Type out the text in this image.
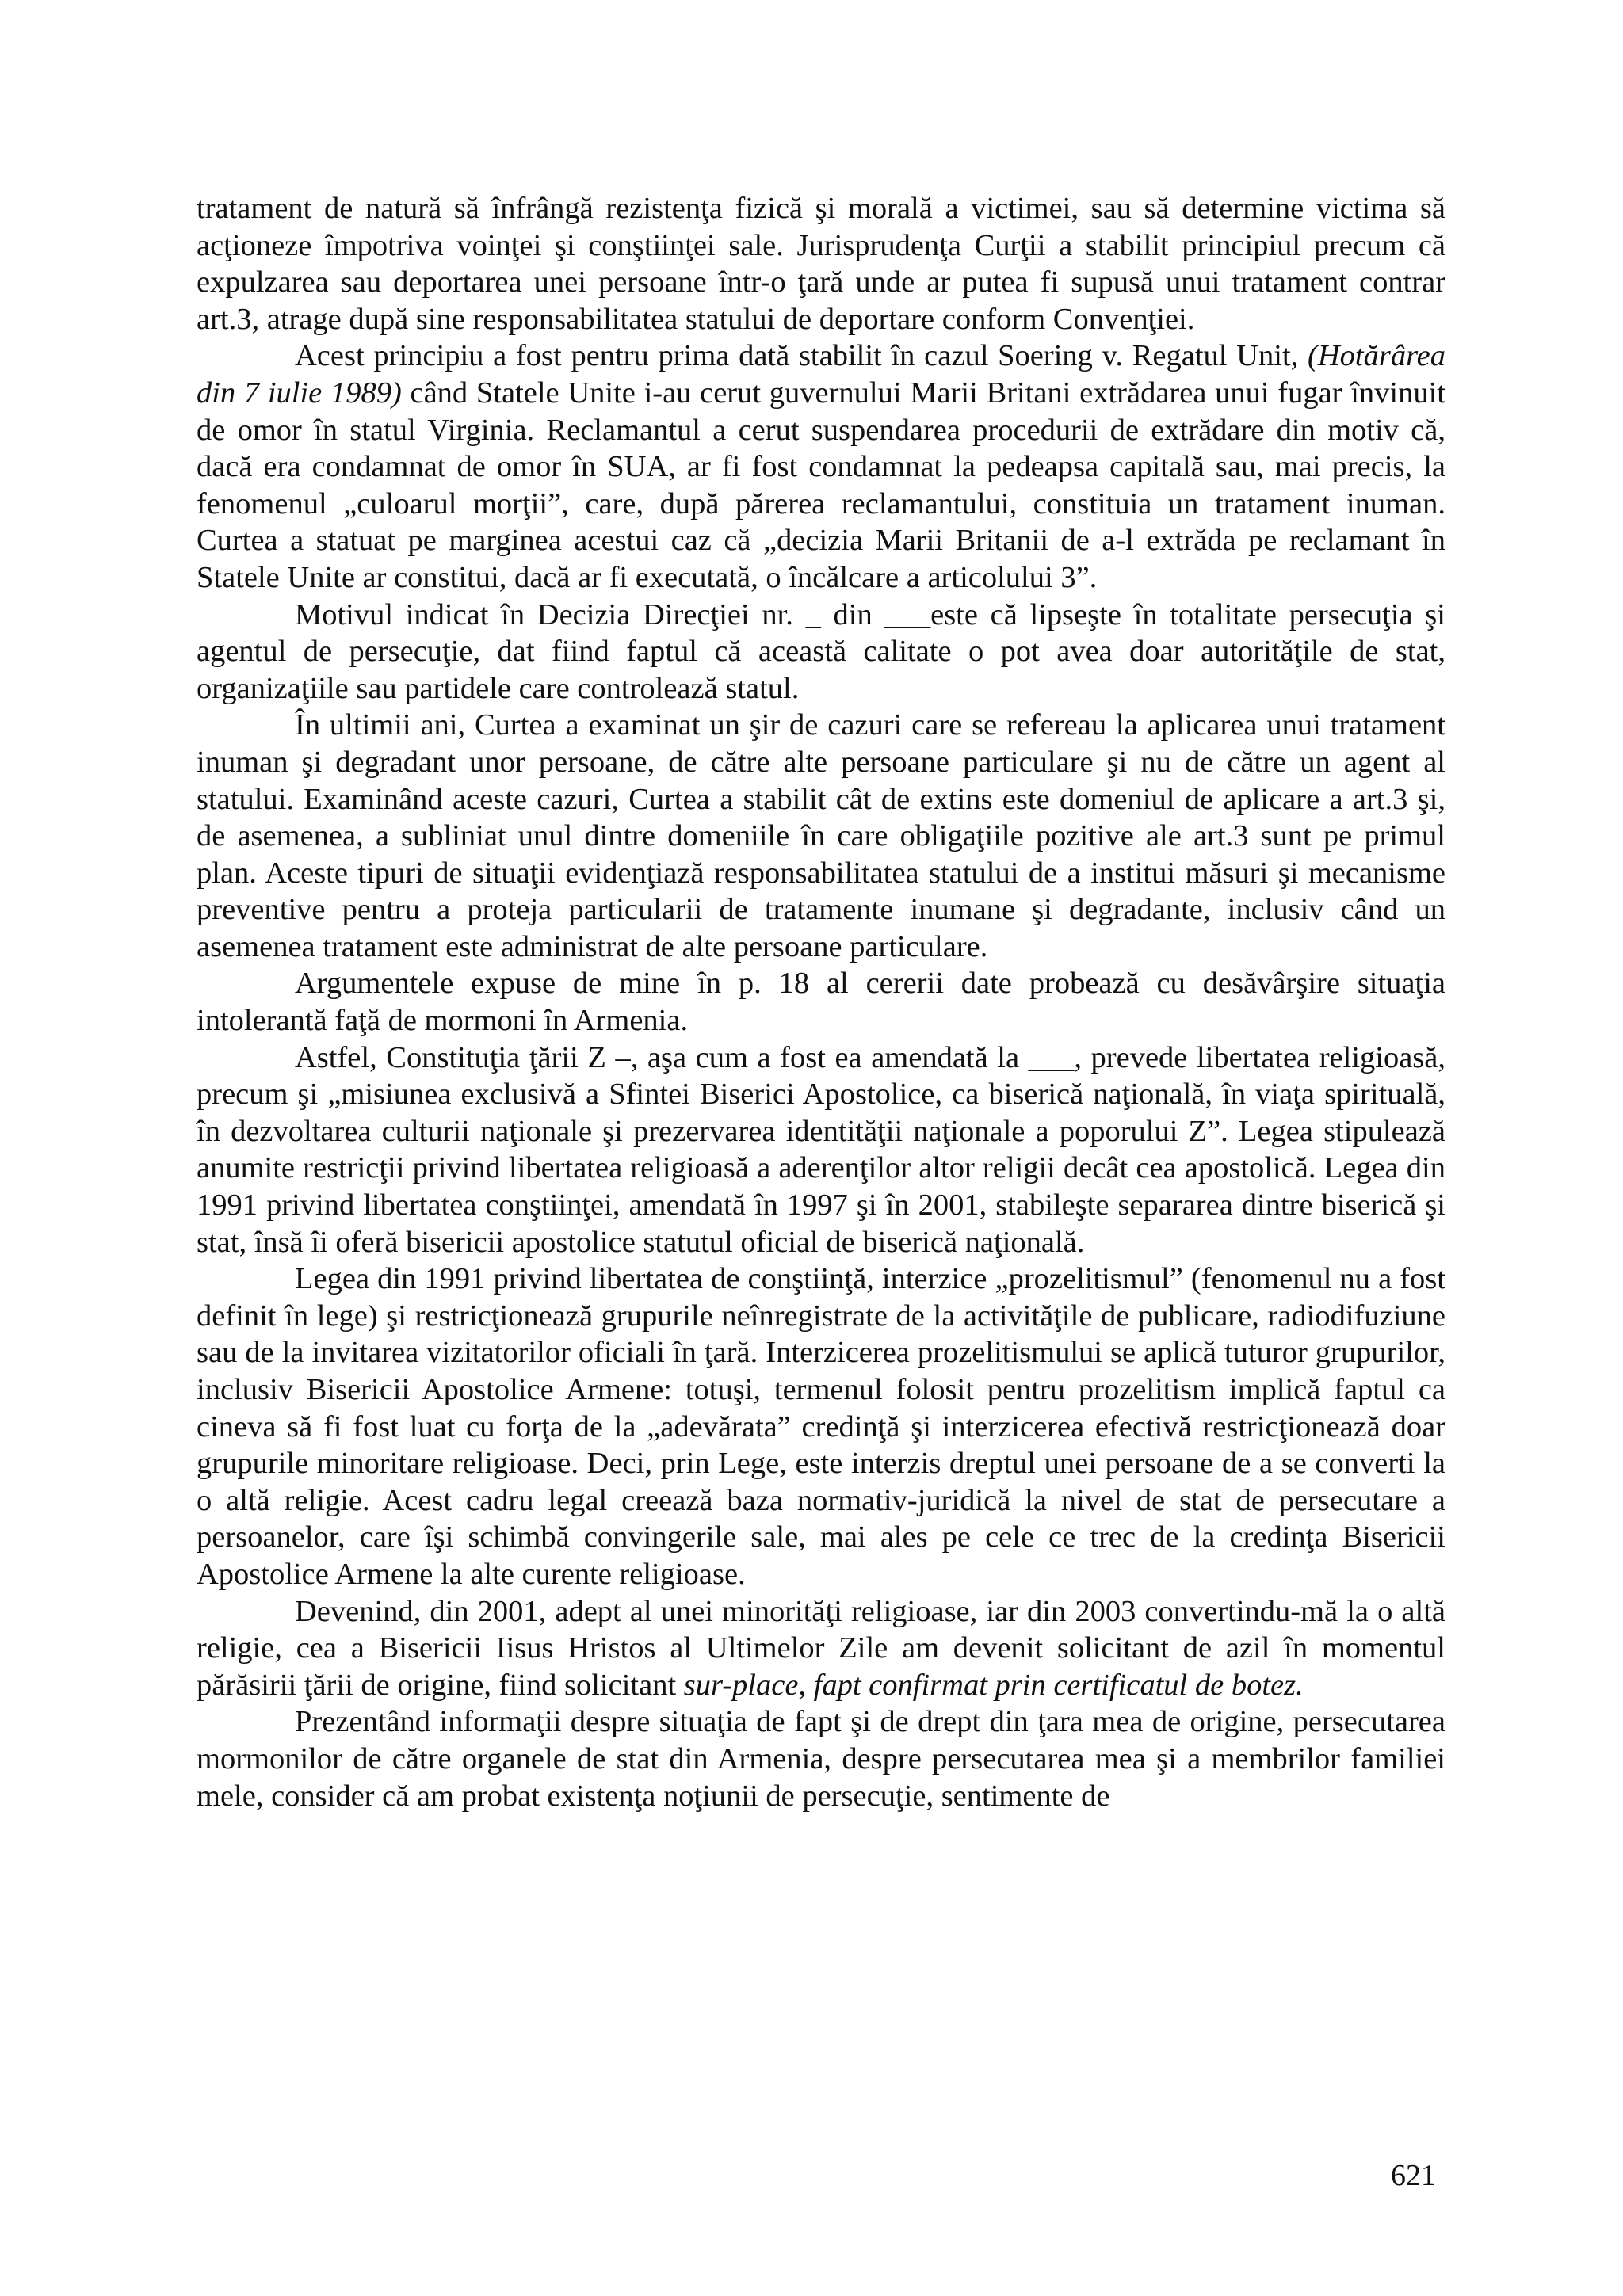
tratament de natură să înfrângă rezistenţa fizică şi morală a victimei, sau să determine victima să acţioneze împotriva voinţei şi conştiinţei sale. Jurisprudenţa Curţii a stabilit principiul precum că expulzarea sau deportarea unei persoane într-o ţară unde ar putea fi supusă unui tratament contrar art.3, atrage după sine responsabilitatea statului de deportare conform Convenţiei.

Acest principiu a fost pentru prima dată stabilit în cazul Soering v. Regatul Unit, (Hotărârea din 7 iulie 1989) când Statele Unite i-au cerut guvernului Marii Britani extrădarea unui fugar învinuit de omor în statul Virginia. Reclamantul a cerut suspendarea procedurii de extrădare din motiv că, dacă era condamnat de omor în SUA, ar fi fost condamnat la pedeapsa capitală sau, mai precis, la fenomenul „culoarul morţii”, care, după părerea reclamantului, constituia un tratament inuman. Curtea a statuat pe marginea acestui caz că „decizia Marii Britanii de a-l extrăda pe reclamant în Statele Unite ar constitui, dacă ar fi executată, o încălcare a articolului 3”.

Motivul indicat în Decizia Direcţiei nr. _ din ___este că lipseşte în totalitate persecuţia şi agentul de persecuţie, dat fiind faptul că această calitate o pot avea doar autorităţile de stat, organizaţiile sau partidele care controlează statul.

În ultimii ani, Curtea a examinat un şir de cazuri care se refereau la aplicarea unui tratament inuman şi degradant unor persoane, de către alte persoane particulare şi nu de către un agent al statului. Examinând aceste cazuri, Curtea a stabilit cât de extins este domeniul de aplicare a art.3 şi, de asemenea, a subliniat unul dintre domeniile în care obligaţiile pozitive ale art.3 sunt pe primul plan. Aceste tipuri de situaţii evidenţiază responsabilitatea statului de a institui măsuri şi mecanisme preventive pentru a proteja particularii de tratamente inumane şi degradante, inclusiv când un asemenea tratament este administrat de alte persoane particulare.

Argumentele expuse de mine în p. 18 al cererii date probează cu desăvârşire situaţia intolerantă faţă de mormoni în Armenia.

Astfel, Constituţia ţării Z –, aşa cum a fost ea amendată la ___, prevede libertatea religioasă, precum şi „misiunea exclusivă a Sfintei Biserici Apostolice, ca biserică naţională, în viaţa spirituală, în dezvoltarea culturii naţionale şi prezervarea identităţii naţionale a poporului Z”. Legea stipulează anumite restricţii privind libertatea religioasă a aderenţilor altor religii decât cea apostolică. Legea din 1991 privind libertatea conştiinţei, amendată în 1997 şi în 2001, stabileşte separarea dintre biserică şi stat, însă îi oferă bisericii apostolice statutul oficial de biserică naţională.

Legea din 1991 privind libertatea de conştiinţă, interzice „prozelitismul” (fenomenul nu a fost definit în lege) şi restricţionează grupurile neînregistrate de la activităţile de publicare, radiodifuziune sau de la invitarea vizitatorilor oficiali în ţară. Interzicerea prozelitismului se aplică tuturor grupurilor, inclusiv Bisericii Apostolice Armene: totuşi, termenul folosit pentru prozelitism implică faptul ca cineva să fi fost luat cu forţa de la „adevărata” credinţă şi interzicerea efectivă restricţionează doar grupurile minoritare religioase. Deci, prin Lege, este interzis dreptul unei persoane de a se converti la o altă religie. Acest cadru legal creează baza normativ-juridică la nivel de stat de persecutare a persoanelor, care îşi schimbă convingerile sale, mai ales pe cele ce trec de la credinţa Bisericii Apostolice Armene la alte curente religioase.

Devenind, din 2001, adept al unei minorităţi religioase, iar din 2003 convertindu-mă la o altă religie, cea a Bisericii Iisus Hristos al Ultimelor Zile am devenit solicitant de azil în momentul părăsirii ţării de origine, fiind solicitant sur-place, fapt confirmat prin certificatul de botez.

Prezentând informaţii despre situaţia de fapt şi de drept din ţara mea de origine, persecutarea mormonilor de către organele de stat din Armenia, despre persecutarea mea şi a membrilor familiei mele, consider că am probat existenţa noţiunii de persecuţie, sentimente de

621
